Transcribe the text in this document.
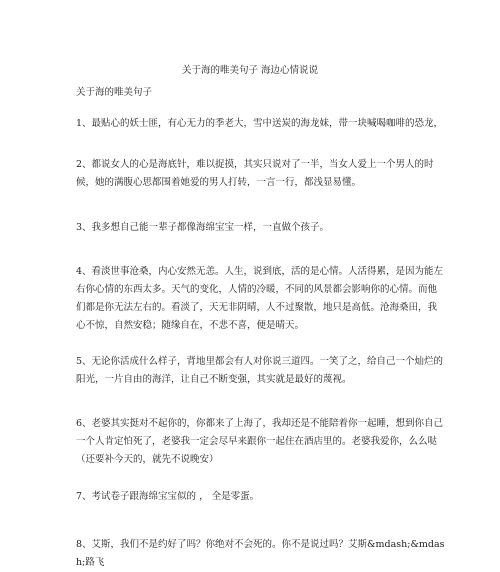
关于海的唯美句子 海边心情说说
关于海的唯美句子

1、最贴心的妖士匪，有心无力的季老大，雪中送炭的海龙妹，带一块喊喝咖啡的恐龙，

2、都说女人的心是海底针，难以捉摸，其实只说对了一半，当女人爱上一个男人的时候，她的满腹心思都围着她爱的男人打转，一言一行，都浅显易懂。

3、我多想自己能一辈子都像海绵宝宝一样，一直做个孩子。

4、看淡世事沧桑，内心安然无恙。人生，说到底，活的是心情。人活得累，是因为能左右你心情的东西太多。天气的变化，人情的冷暖，不同的风景都会影响你的心情。而他们都是你无法左右的。看淡了，天无非阴晴，人不过聚散，地只是高低。沧海桑田，我心不惊，自然安稳；随缘自在，不悲不喜，便是晴天。

5、无论你活成什么样子，背地里都会有人对你说三道四。一笑了之，给自己一个灿烂的阳光，一片自由的海洋，让自己不断变强，其实就是最好的蔑视。

6、老婆其实挺对不起你的，你都来了上海了，我却还是不能陪着你一起睡，想到你自己一个人肯定怕死了，老婆我一定会尽早来跟你一起住在酒店里的。老婆我爱你，么么哒（还要补今天的，就先不说晚安）

7、考试卷子跟海绵宝宝似的 ， 全是零蛋。

8、艾斯，我们不是约好了吗？你绝对不会死的。你不是说过吗？艾斯&mdash;&mdash;路飞
